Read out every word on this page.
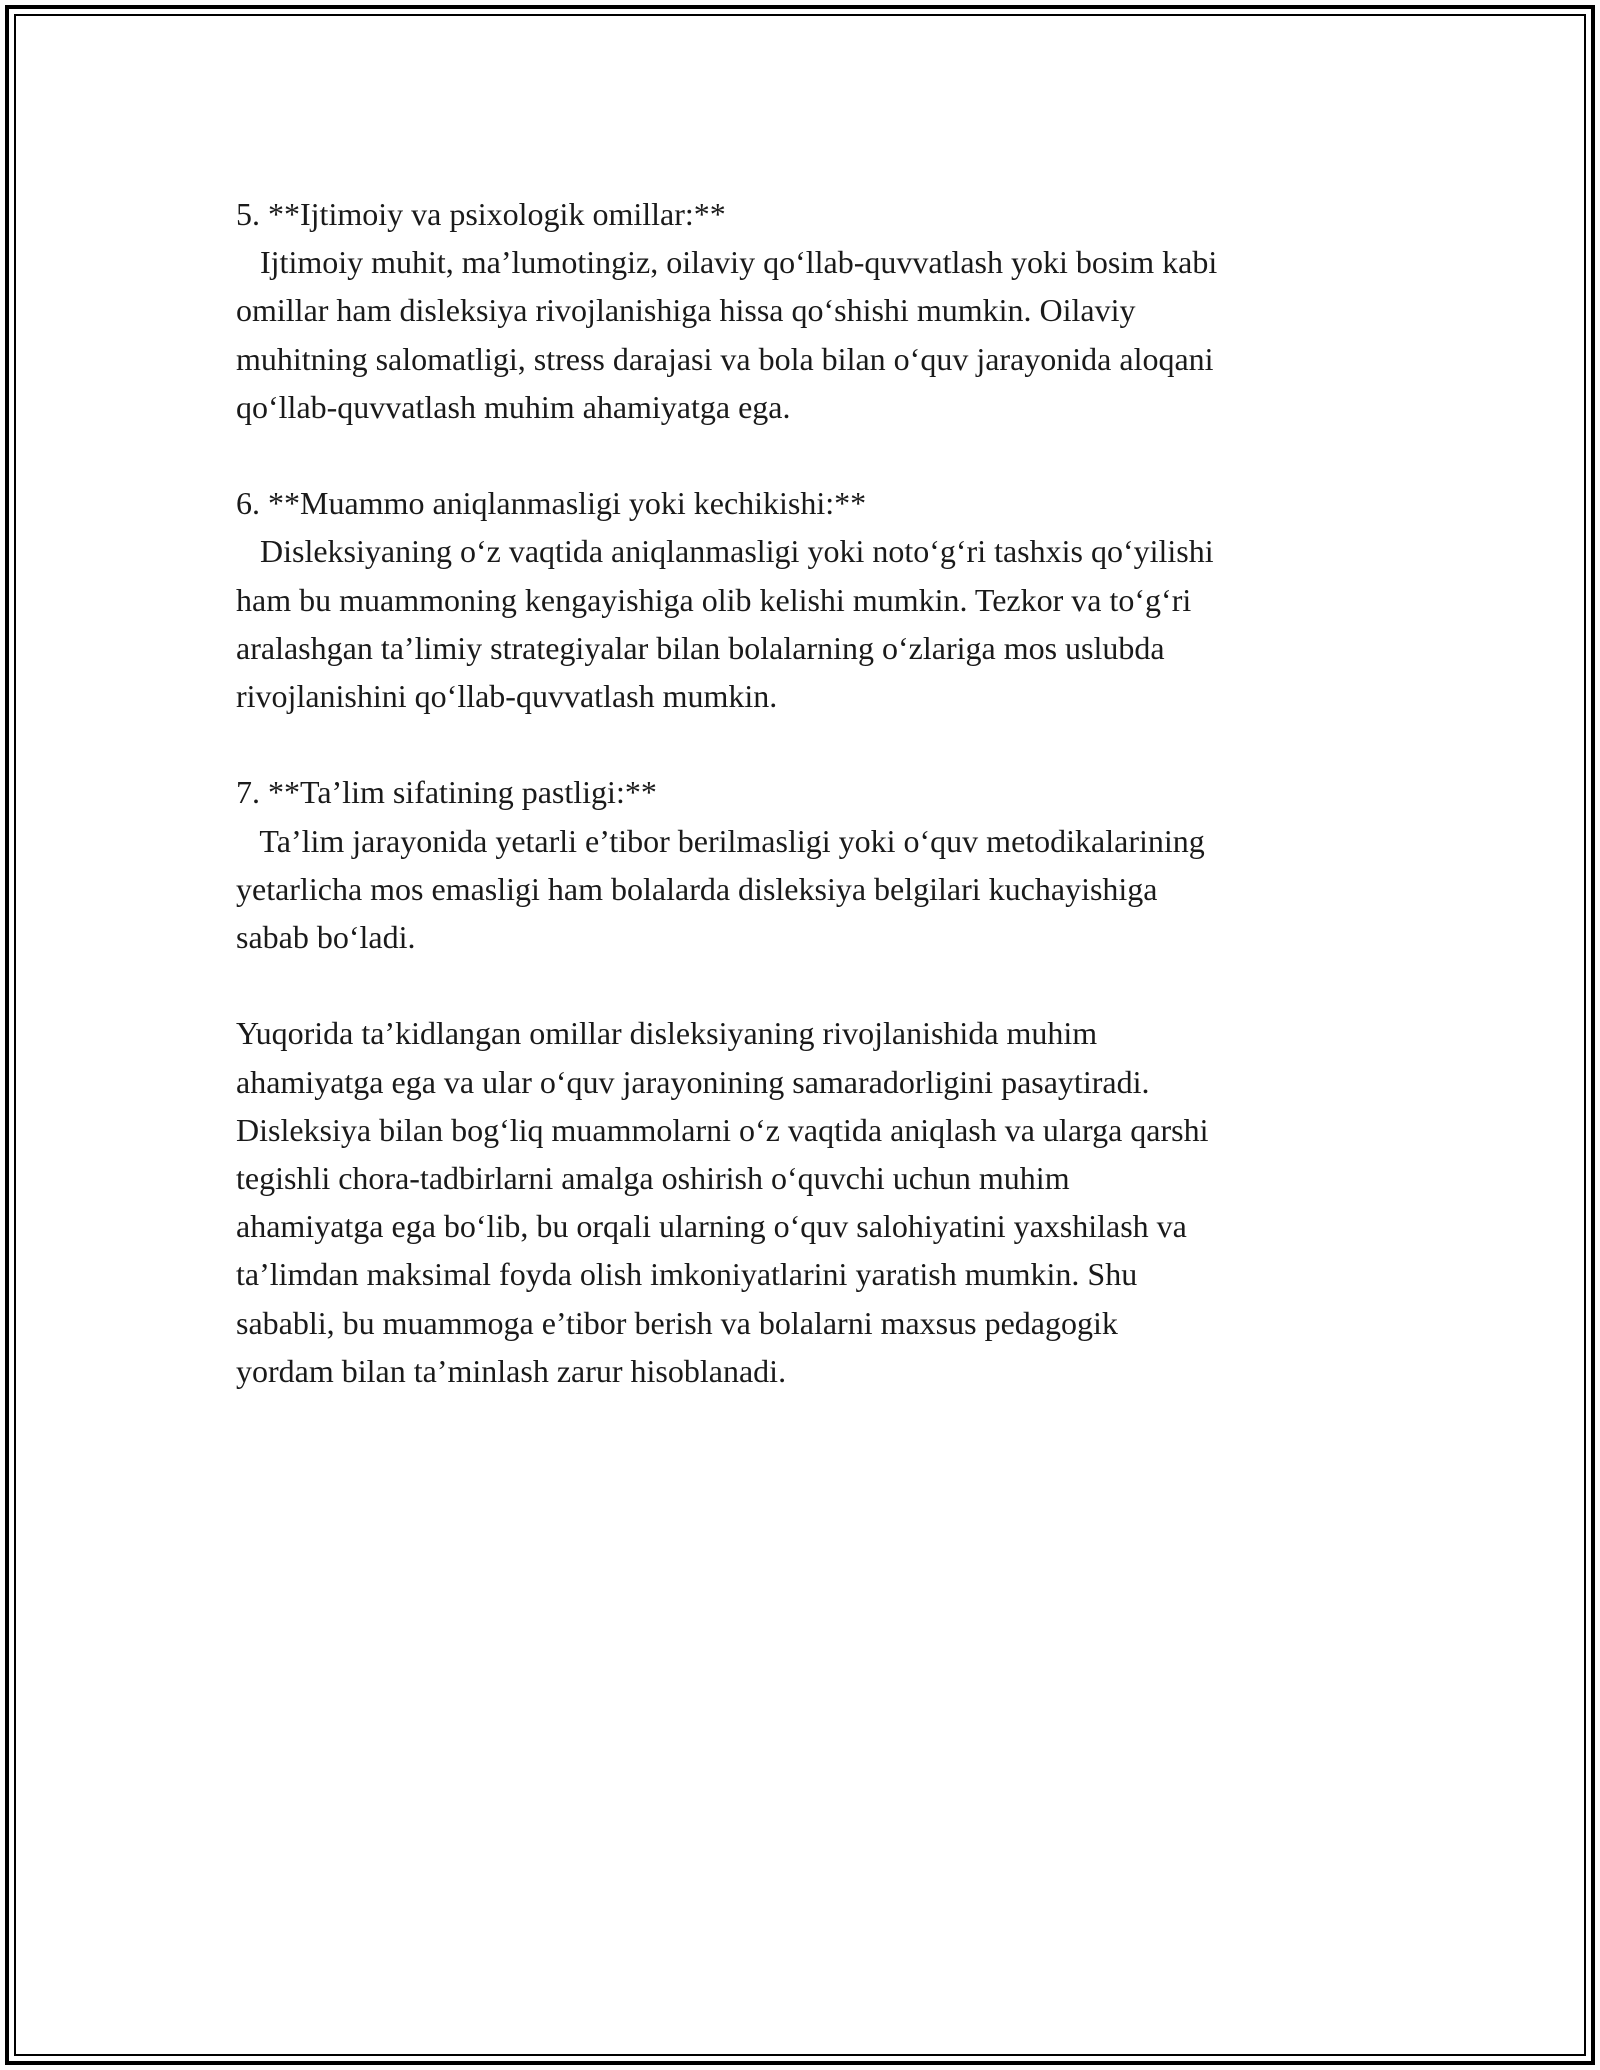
5. **Ijtimoiy va psixologik omillar:**

Ijtimoiy muhit, ma’lumotingiz, oilaviy qo‘llab-quvvatlash yoki bosim kabi

omillar ham disleksiya rivojlanishiga hissa qo‘shishi mumkin. Oilaviy

muhitning salomatligi, stress darajasi va bola bilan o‘quv jarayonida aloqani

qo‘llab-quvvatlash muhim ahamiyatga ega.

6. **Muammo aniqlanmasligi yoki kechikishi:**

Disleksiyaning o‘z vaqtida aniqlanmasligi yoki noto‘g‘ri tashxis qo‘yilishi

ham bu muammoning kengayishiga olib kelishi mumkin. Tezkor va to‘g‘ri

aralashgan ta’limiy strategiyalar bilan bolalarning o‘zlariga mos uslubda

rivojlanishini qo‘llab-quvvatlash mumkin.

7. **Ta’lim sifatining pastligi:**

Ta’lim jarayonida yetarli e’tibor berilmasligi yoki o‘quv metodikalarining

yetarlicha mos emasligi ham bolalarda disleksiya belgilari kuchayishiga

sabab bo‘ladi.

Yuqorida ta’kidlangan omillar disleksiyaning rivojlanishida muhim

ahamiyatga ega va ular o‘quv jarayonining samaradorligini pasaytiradi.

Disleksiya bilan bog‘liq muammolarni o‘z vaqtida aniqlash va ularga qarshi

tegishli chora-tadbirlarni amalga oshirish o‘quvchi uchun muhim

ahamiyatga ega bo‘lib, bu orqali ularning o‘quv salohiyatini yaxshilash va

ta’limdan maksimal foyda olish imkoniyatlarini yaratish mumkin. Shu

sababli, bu muammoga e’tibor berish va bolalarni maxsus pedagogik

yordam bilan ta’minlash zarur hisoblanadi.
